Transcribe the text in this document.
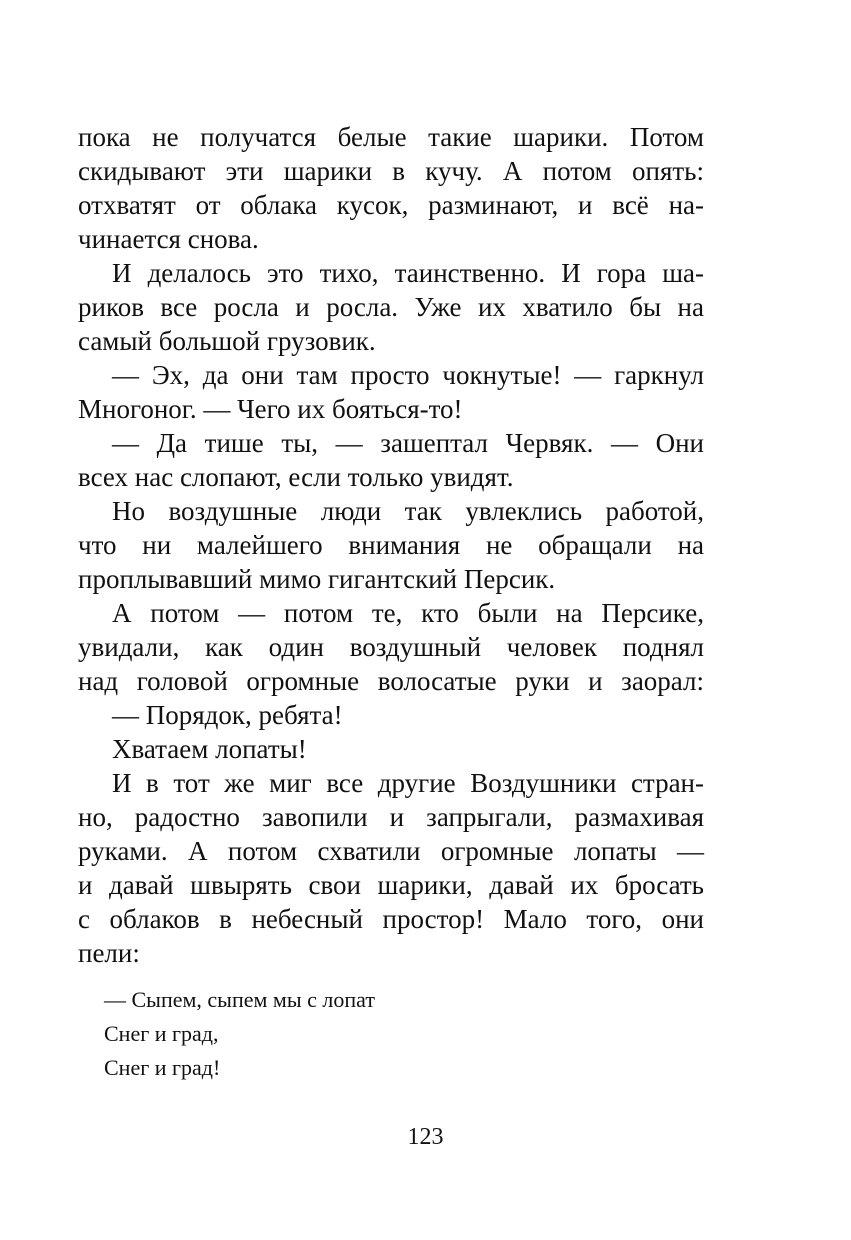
пока не получатся белые такие шарики. Потом
скидывают эти шарики в кучу. А потом опять:
отхватят от облака кусок, разминают, и всё на-
чинается снова.
И делалось это тихо, таинственно. И гора ша-
риков все росла и росла. Уже их хватило бы на
самый большой грузовик.
— Эх, да они там просто чокнутые! — гаркнул
Многоног. — Чего их бояться-то!
— Да тише ты, — зашептал Червяк. — Они
всех нас слопают, если только увидят.
Но воздушные люди так увлеклись работой,
что ни малейшего внимания не обращали на
проплывавший мимо гигантский Персик.
А потом — потом те, кто были на Персике,
увидали, как один воздушный человек поднял
над головой огромные волосатые руки и заорал:
— Порядок, ребята!
Хватаем лопаты!
И в тот же миг все другие Воздушники стран-
но, радостно завопили и запрыгали, размахивая
руками. А потом схватили огромные лопаты —
и давай швырять свои шарики, давай их бросать
с облаков в небесный простор! Мало того, они
пели:
— Сыпем, сыпем мы с лопат
Снег и град,
Снег и град!
123
